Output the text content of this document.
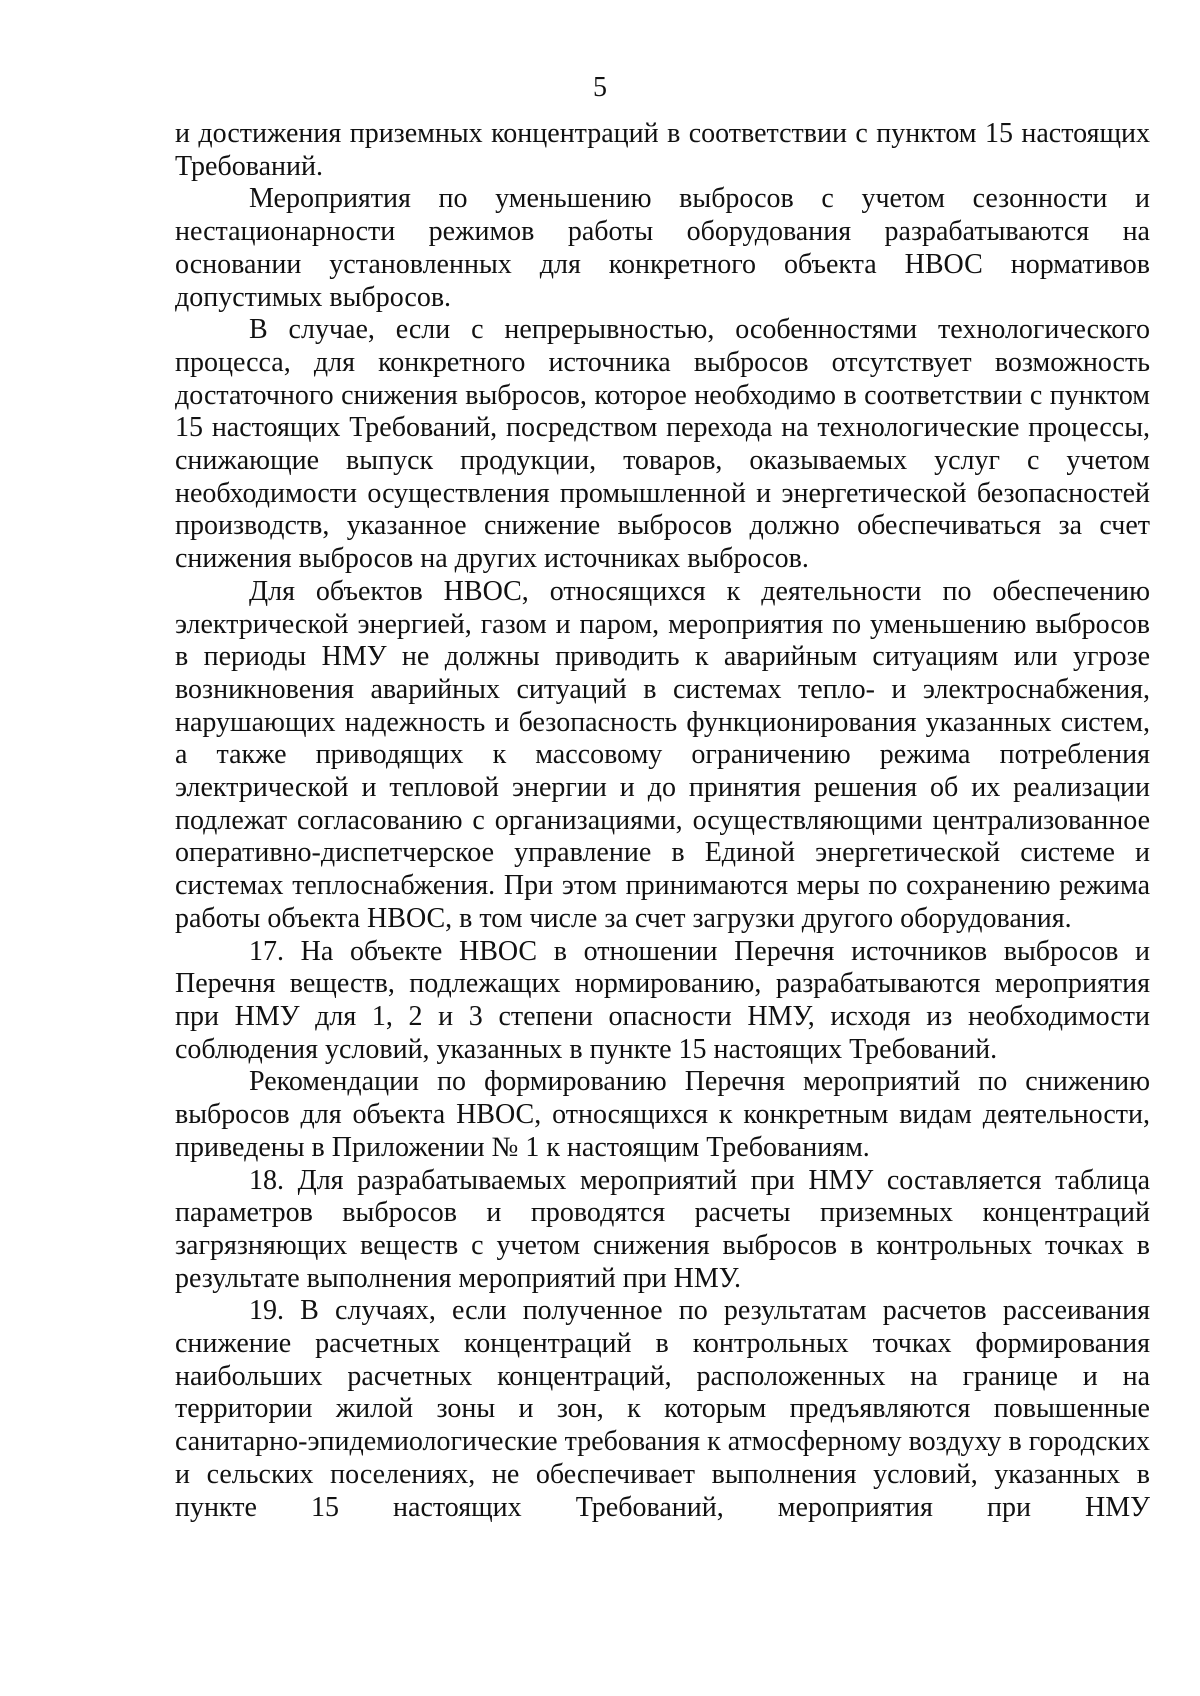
5

и достижения приземных концентраций в соответствии с пунктом 15 настоящих Требований.

Мероприятия по уменьшению выбросов с учетом сезонности и нестационарности режимов работы оборудования разрабатываются на основании установленных для конкретного объекта НВОС нормативов допустимых выбросов.

В случае, если с непрерывностью, особенностями технологического процесса, для конкретного источника выбросов отсутствует возможность достаточного снижения выбросов, которое необходимо в соответствии с пунктом 15 настоящих Требований, посредством перехода на технологические процессы, снижающие выпуск продукции, товаров, оказываемых услуг с учетом необходимости осуществления промышленной и энергетической безопасностей производств, указанное снижение выбросов должно обеспечиваться за счет снижения выбросов на других источниках выбросов.

Для объектов НВОС, относящихся к деятельности по обеспечению электрической энергией, газом и паром, мероприятия по уменьшению выбросов в периоды НМУ не должны приводить к аварийным ситуациям или угрозе возникновения аварийных ситуаций в системах тепло- и электроснабжения, нарушающих надежность и безопасность функционирования указанных систем, а также приводящих к массовому ограничению режима потребления электрической и тепловой энергии и до принятия решения об их реализации подлежат согласованию с организациями, осуществляющими централизованное оперативно-диспетчерское управление в Единой энергетической системе и системах теплоснабжения. При этом принимаются меры по сохранению режима работы объекта НВОС, в том числе за счет загрузки другого оборудования.

17. На объекте НВОС в отношении Перечня источников выбросов и Перечня веществ, подлежащих нормированию, разрабатываются мероприятия при НМУ для 1, 2 и 3 степени опасности НМУ, исходя из необходимости соблюдения условий, указанных в пункте 15 настоящих Требований.

Рекомендации по формированию Перечня мероприятий по снижению выбросов для объекта НВОС, относящихся к конкретным видам деятельности, приведены в Приложении № 1 к настоящим Требованиям.

18. Для разрабатываемых мероприятий при НМУ составляется таблица параметров выбросов и проводятся расчеты приземных концентраций загрязняющих веществ с учетом снижения выбросов в контрольных точках в результате выполнения мероприятий при НМУ.

19. В случаях, если полученное по результатам расчетов рассеивания снижение расчетных концентраций в контрольных точках формирования наибольших расчетных концентраций, расположенных на границе и на территории жилой зоны и зон, к которым предъявляются повышенные санитарно-эпидемиологические требования к атмосферному воздуху в городских и сельских поселениях, не обеспечивает выполнения условий, указанных в пункте 15 настоящих Требований, мероприятия при НМУ
